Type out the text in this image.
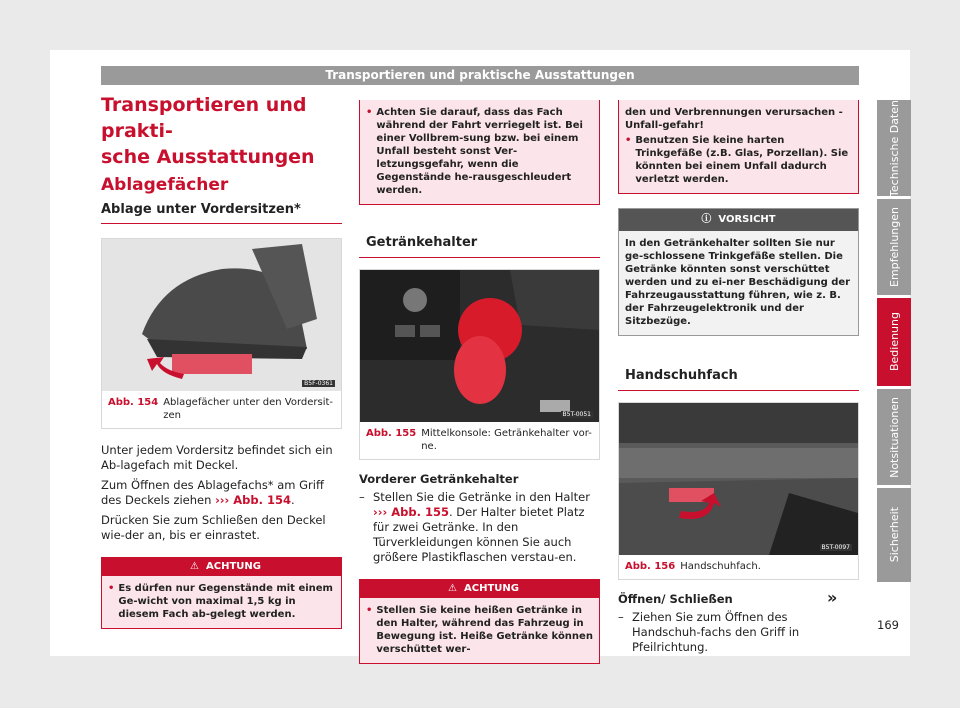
Transportieren und praktische Ausstattungen
Transportieren und prakti-
sche Ausstattungen
Ablagefächer
Ablage unter Vordersitzen*
B5F-0361
Abb. 154 Ablagefächer unter den Vordersit-zen

Unter jedem Vordersitz befindet sich ein Ab-lagefach mit Deckel.

Zum Öffnen des Ablagefachs* am Griff des Deckels ziehen ››› Abb. 154.

Drücken Sie zum Schließen den Deckel wie-der an, bis er einrastet.

⚠ ACHTUNG
• Es dürfen nur Gegenstände mit einem Ge-wicht von maximal 1,5 kg in diesem Fach ab-gelegt werden.
• Achten Sie darauf, dass das Fach während der Fahrt verriegelt ist. Bei einer Vollbrem-sung bzw. bei einem Unfall besteht sonst Ver-letzungsgefahr, wenn die Gegenstände he-rausgeschleudert werden.
Getränkehalter
B5T-0051
Abb. 155 Mittelkonsole: Getränkehalter vor-ne.
Vorderer Getränkehalter
– Stellen Sie die Getränke in den Halter ››› Abb. 155. Der Halter bietet Platz für zwei Getränke. In den Türverkleidungen können Sie auch größere Plastikflaschen verstau-en.
⚠ ACHTUNG
• Stellen Sie keine heißen Getränke in den Halter, während das Fahrzeug in Bewegung ist. Heiße Getränke können verschüttet wer-
den und Verbrennungen verursachen - Unfall-gefahr!
• Benutzen Sie keine harten Trinkgefäße (z.B. Glas, Porzellan). Sie könnten bei einem Unfall dadurch verletzt werden.
ⓘ VORSICHT
In den Getränkehalter sollten Sie nur ge-schlossene Trinkgefäße stellen. Die Getränke könnten sonst verschüttet werden und zu ei-ner Beschädigung der Fahrzeugausstattung führen, wie z. B. der Fahrzeugelektronik und der Sitzbezüge.
Handschuhfach
B5T-0097
Abb. 156 Handschuhfach.
Öffnen/ Schließen
– Ziehen Sie zum Öffnen des Handschuh-fachs den Griff in Pfeilrichtung.
»
Technische Daten
Empfehlungen
Bedienung
Notsituationen
Sicherheit
169
